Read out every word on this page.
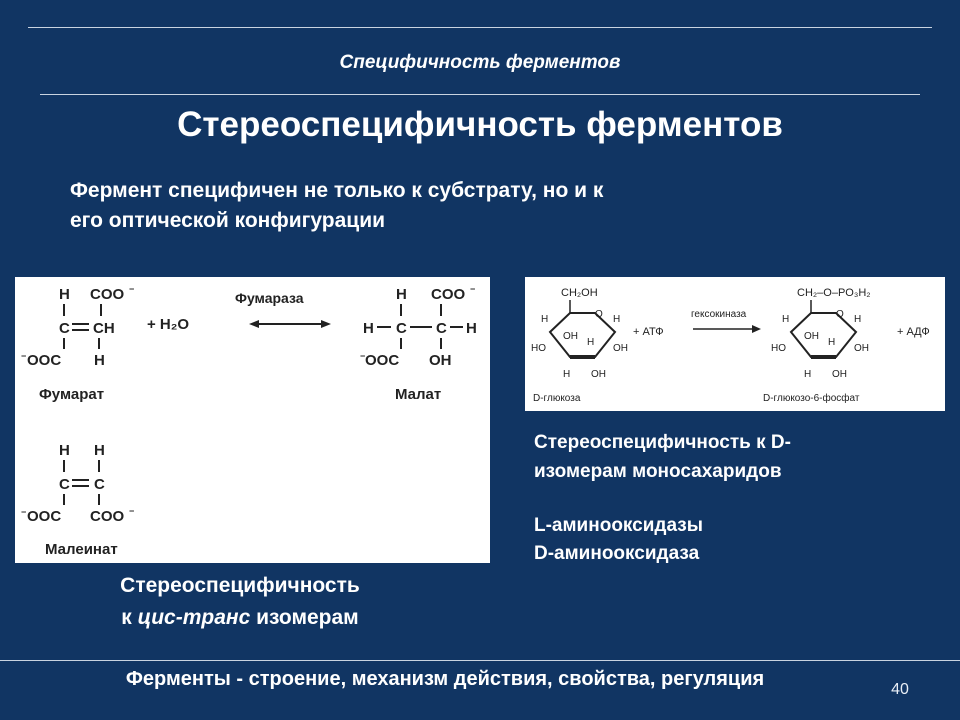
Специфичность ферментов
Стереоспецифичность ферментов
Фермент специфичен не только к субстрату, но и к
его оптической конфигурации
H COO −
C CH
− OOC H
Фумарат
+ H₂O
Фумараза	H COO −
H C C H
− OOC OH
Малат
H H
C C
− OOC COO −
Малеинат
CH₂OH
O
H
HO
H
OH
OH
H
H OH
D-глюкоза
+ АТФ
гексокиназа
CH₂–O–PO₃H₂
O
H
HO
H
OH
OH
H
H OH
D-глюкозо-6-фосфат
+ АДФ
Стереоспецифичность к D-
изомерам моносахаридов
L-аминооксидазы
D-аминооксидаза
Стереоспецифичность
к цис-транс изомерам
Ферменты - строение, механизм действия, свойства, регуляция	40
